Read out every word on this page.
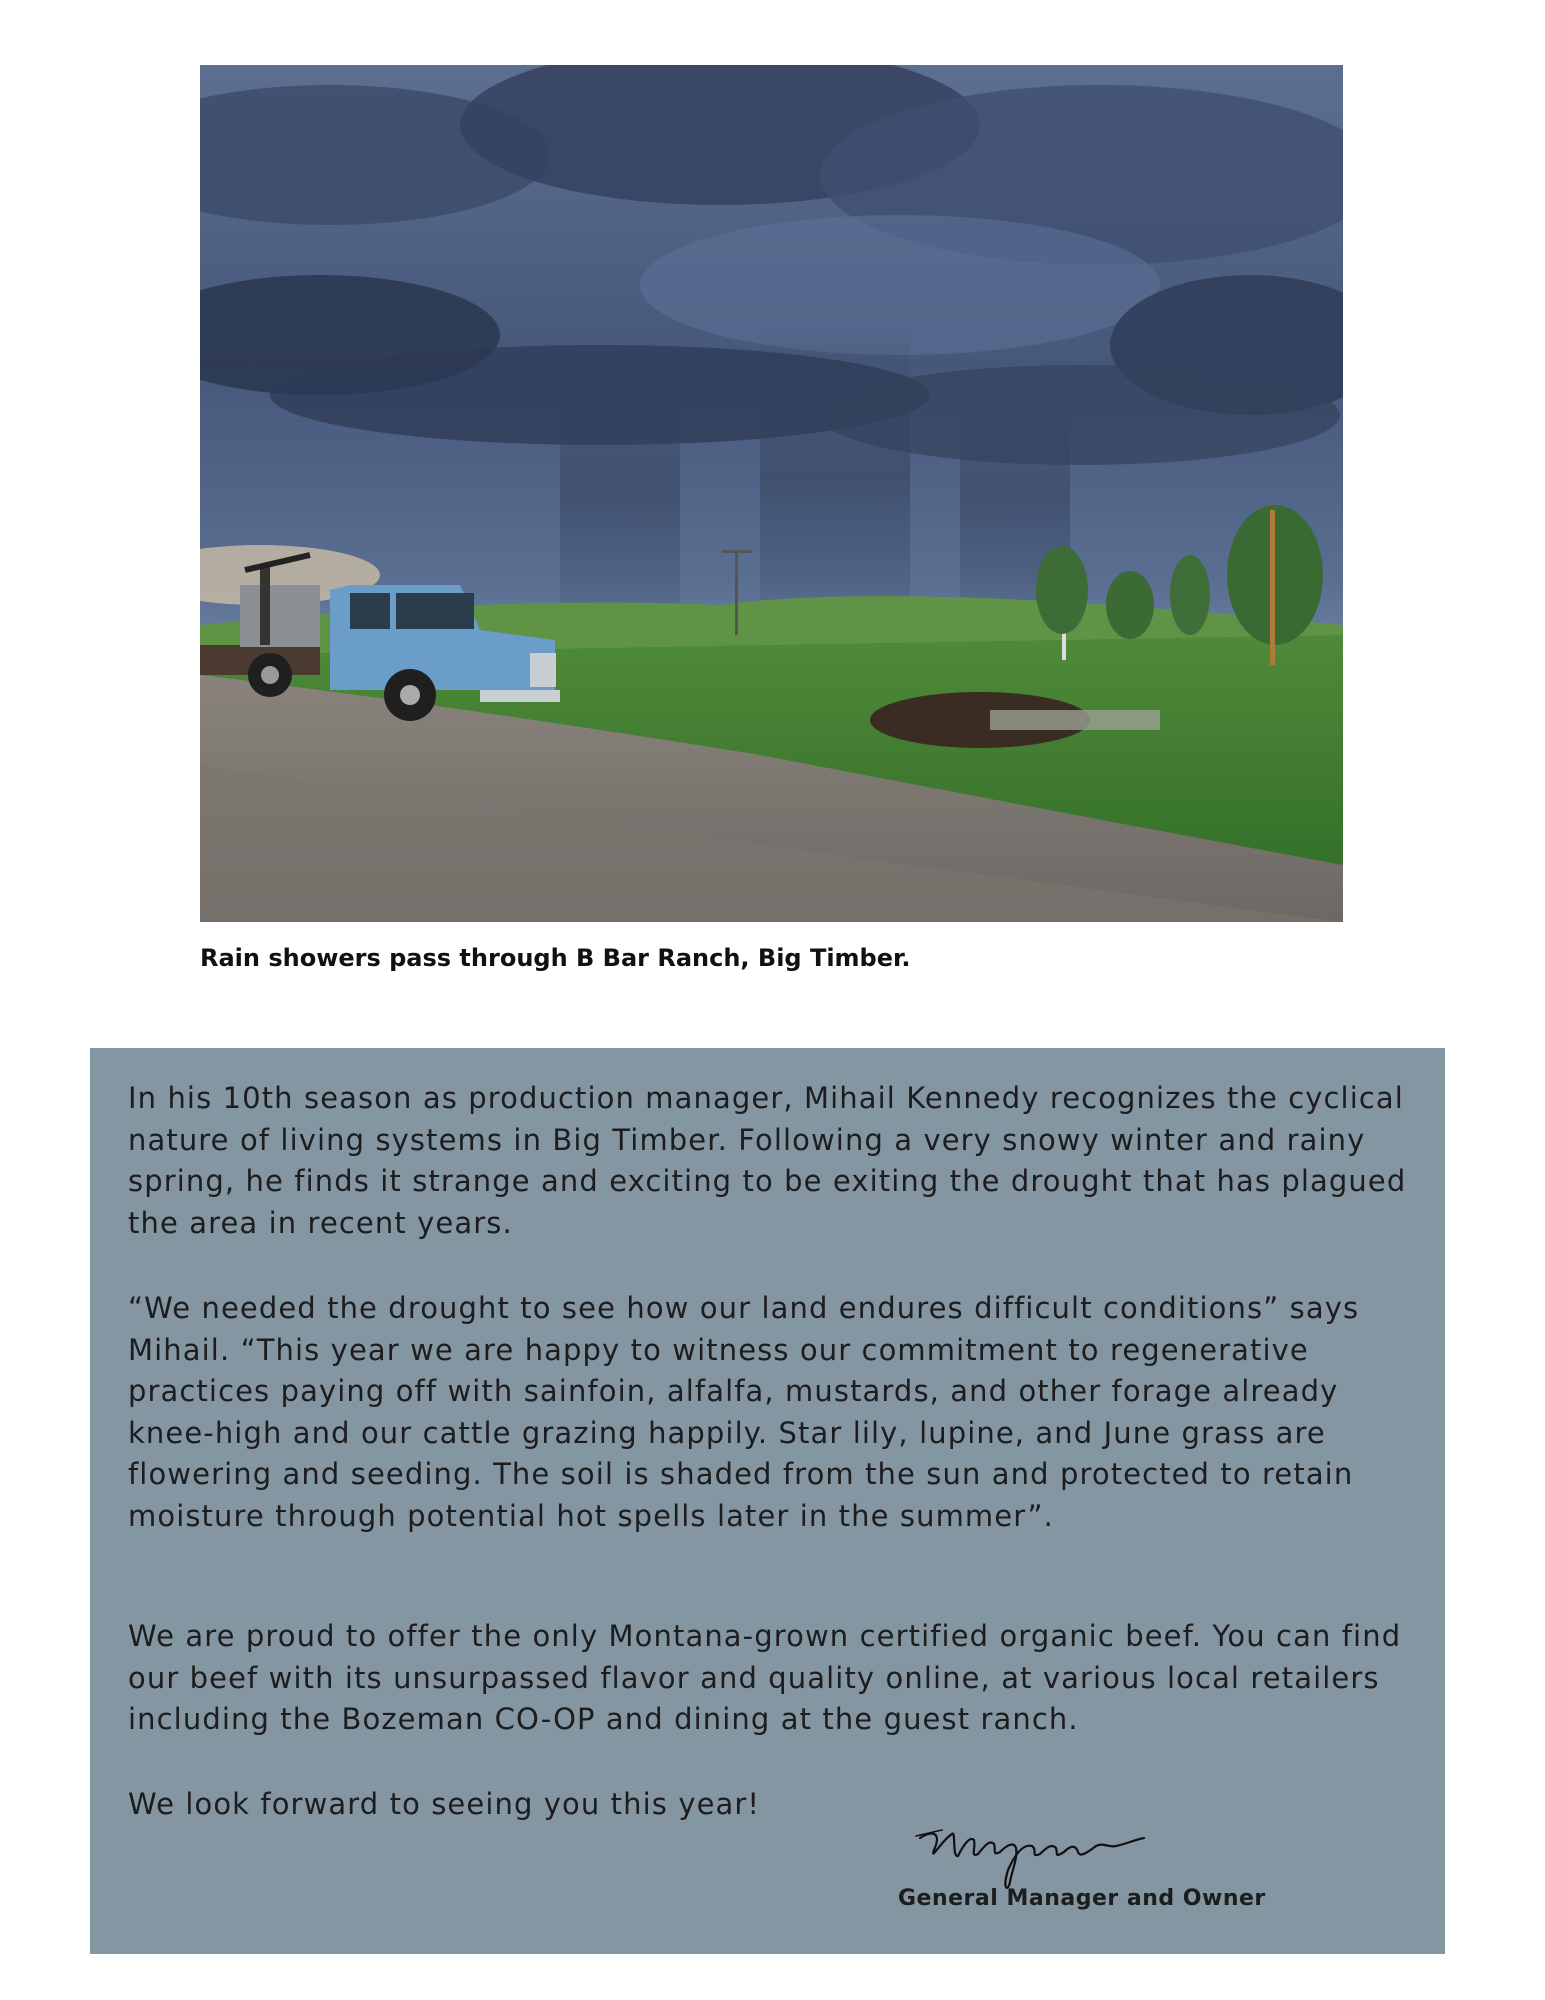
Rain showers pass through B Bar Ranch, Big Timber.

In his 10th season as production manager, Mihail Kennedy recognizes the cyclical nature of living systems in Big Timber. Following a very snowy winter and rainy spring, he finds it strange and exciting to be exiting the drought that has plagued the area in recent years.

“We needed the drought to see how our land endures difficult conditions” says Mihail. “This year we are happy to witness our commitment to regenerative practices paying off with sainfoin, alfalfa, mustards, and other forage already knee-high and our cattle grazing happily. Star lily, lupine, and June grass are flowering and seeding. The soil is shaded from the sun and protected to retain moisture through potential hot spells later in the summer”.

We are proud to offer the only Montana-grown certified organic beef. You can find our beef with its unsurpassed flavor and quality online, at various local retailers including the Bozeman CO-OP and dining at the guest ranch.

We look forward to seeing you this year!

General Manager and Owner
